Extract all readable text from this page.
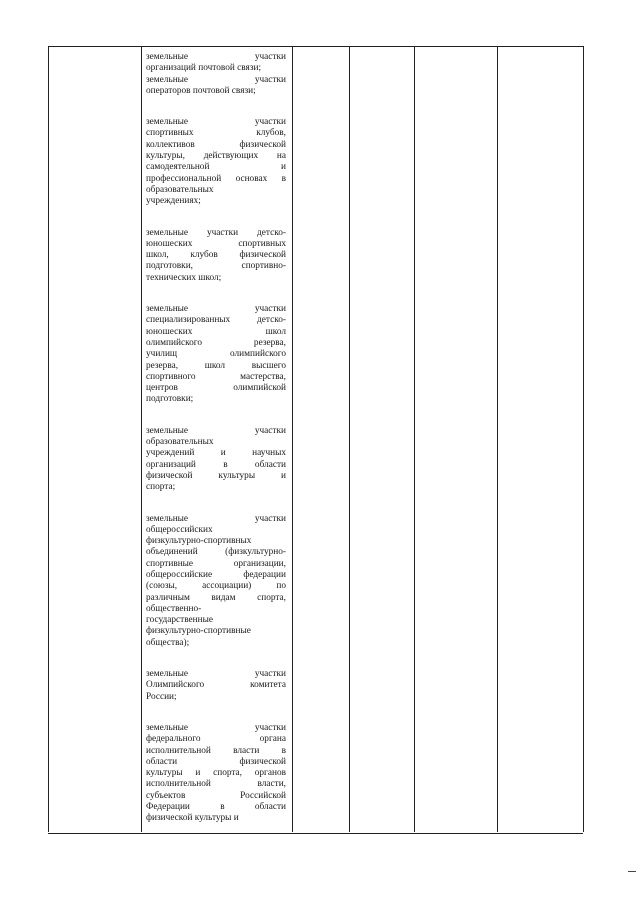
земельные участки
организаций почтовой связи;
земельные участки
операторов почтовой связи;
земельные участки
спортивных клубов,
коллективов физической
культуры, действующих на
самодеятельной и
профессиональной основах в
образовательных
учреждениях;
земельные участки детско-
юношеских спортивных
школ, клубов физической
подготовки, спортивно-
технических школ;
земельные участки
специализированных детско-
юношеских школ
олимпийского резерва,
училищ олимпийского
резерва, школ высшего
спортивного мастерства,
центров олимпийской
подготовки;
земельные участки
образовательных
учреждений и научных
организаций в области
физической культуры и
спорта;
земельные участки
общероссийских
физкультурно-спортивных
объединений (физкультурно-
спортивные организации,
общероссийские федерации
(союзы, ассоциации) по
различным видам спорта,
общественно-
государственные
физкультурно-спортивные
общества);
земельные участки
Олимпийского комитета
России;
земельные участки
федерального органа
исполнительной власти в
области физической
культуры и спорта, органов
исполнительной власти,
субъектов Российской
Федерации в области
физической культуры и
